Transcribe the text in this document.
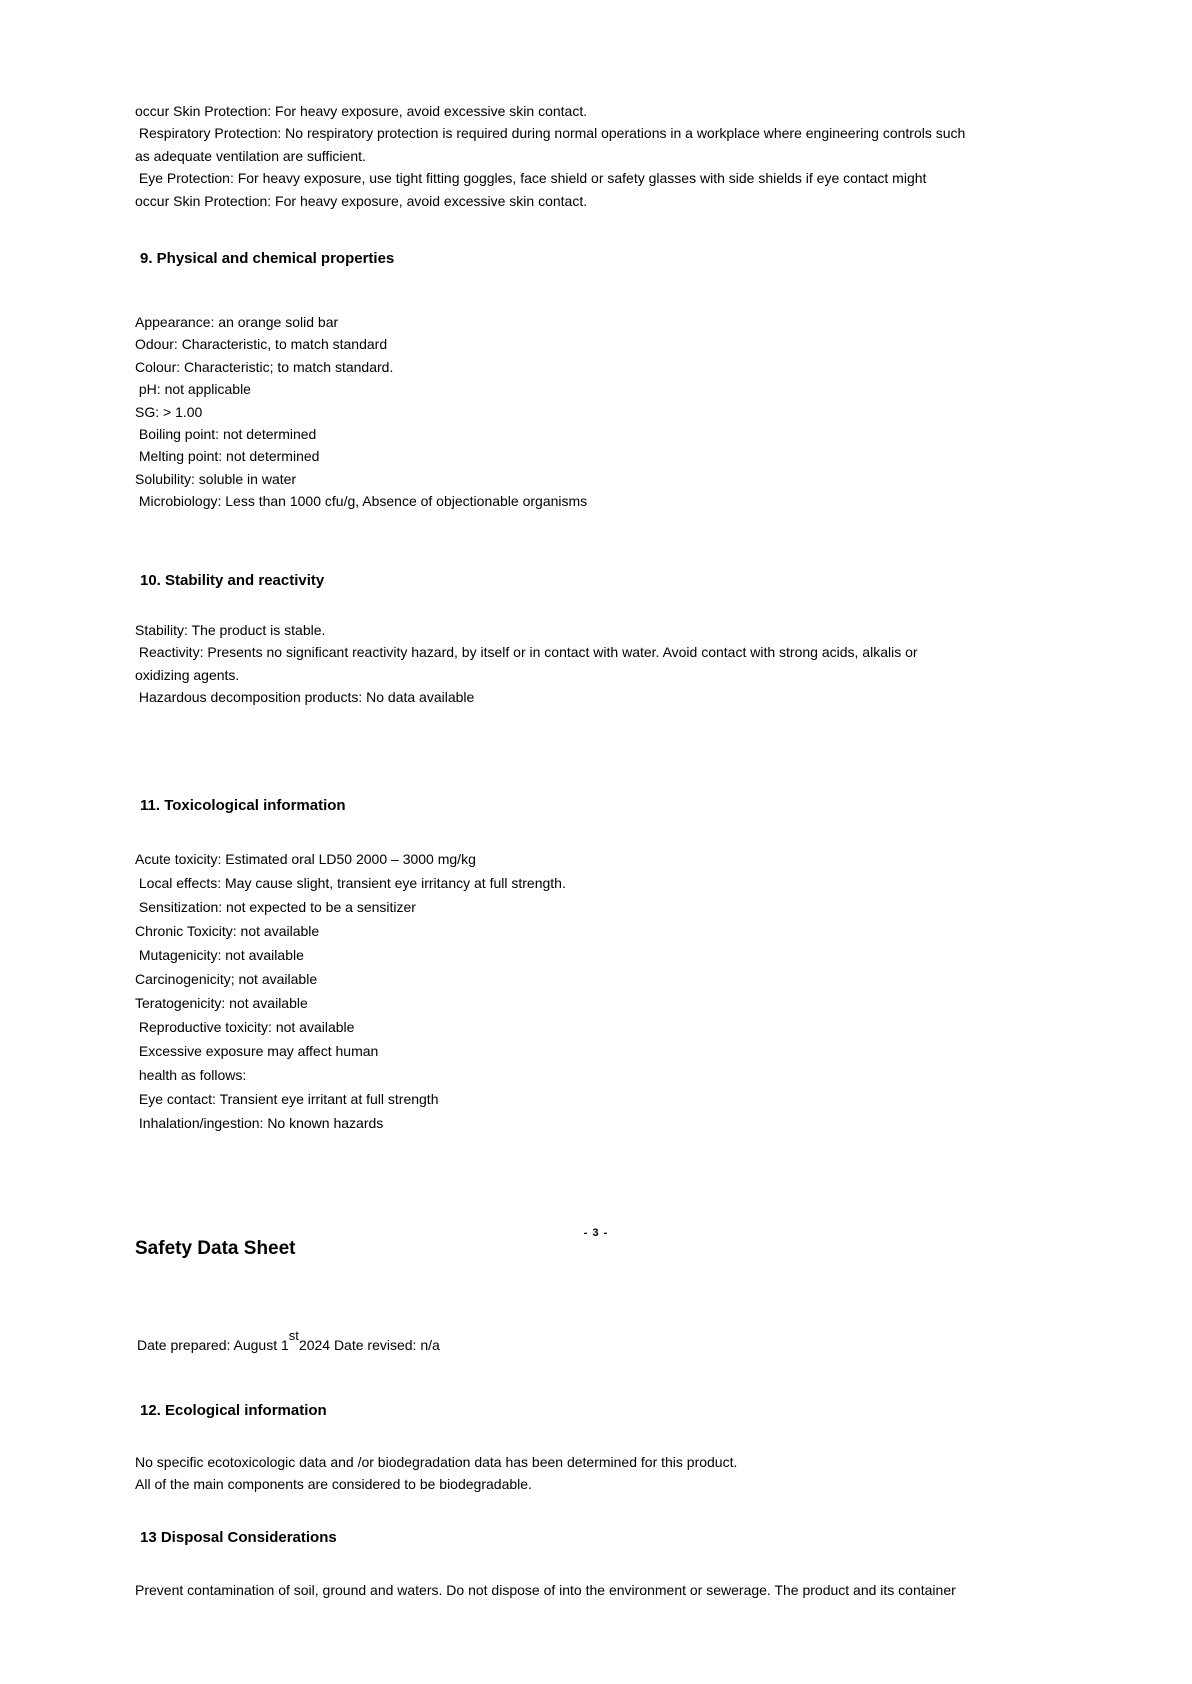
occur Skin Protection: For heavy exposure, avoid excessive skin contact.
Respiratory Protection: No respiratory protection is required during normal operations in a workplace where engineering controls such
as adequate ventilation are sufficient.
Eye Protection: For heavy exposure, use tight fitting goggles, face shield or safety glasses with side shields if eye contact might
occur Skin Protection: For heavy exposure, avoid excessive skin contact.
9. Physical and chemical properties
Appearance: an orange solid bar
Odour: Characteristic, to match standard
Colour: Characteristic; to match standard.
pH: not applicable
SG: > 1.00
Boiling point: not determined
Melting point: not determined
Solubility: soluble in water
Microbiology: Less than 1000 cfu/g, Absence of objectionable organisms
10. Stability and reactivity
Stability: The product is stable.
Reactivity: Presents no significant reactivity hazard, by itself or in contact with water. Avoid contact with strong acids, alkalis or
oxidizing agents.
Hazardous decomposition products: No data available
11. Toxicological information
Acute toxicity: Estimated oral LD50 2000 – 3000 mg/kg
Local effects: May cause slight, transient eye irritancy at full strength.
Sensitization: not expected to be a sensitizer
Chronic Toxicity: not available
Mutagenicity: not available
Carcinogenicity; not available
Teratogenicity: not available
Reproductive toxicity: not available
Excessive exposure may affect human
health as follows:
Eye contact: Transient eye irritant at full strength
Inhalation/ingestion: No known hazards
- 3 -
Safety Data Sheet
Date prepared: August 1st2024 Date revised: n/a
12. Ecological information
No specific ecotoxicologic data and /or biodegradation data has been determined for this product.
All of the main components are considered to be biodegradable.
13 Disposal Considerations
Prevent contamination of soil, ground and waters. Do not dispose of into the environment or sewerage. The product and its container
